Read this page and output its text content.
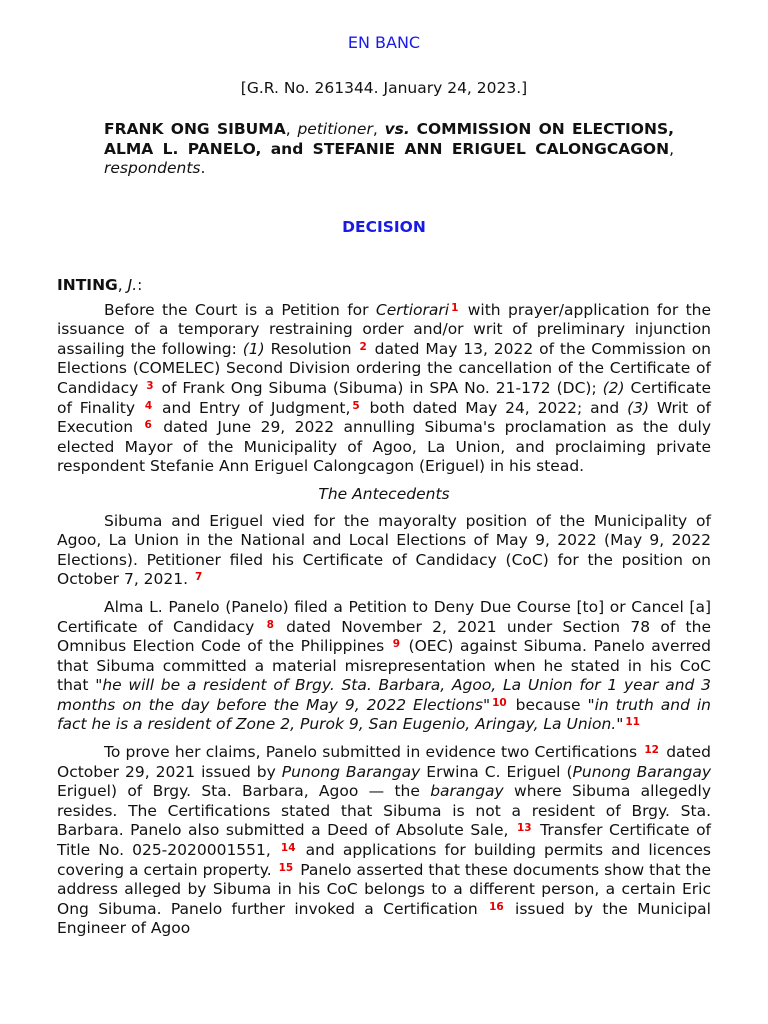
EN BANC
[G.R. No. 261344. January 24, 2023.]
FRANK ONG SIBUMA, petitioner, vs. COMMISSION ON ELECTIONS, ALMA L. PANELO, and STEFANIE ANN ERIGUEL CALONGCAGON, respondents.
DECISION
INTING, J.:

Before the Court is a Petition for Certiorari $^1$ with prayer/application for the issuance of a temporary restraining order and/or writ of preliminary injunction assailing the following: (1) Resolution $^2$ dated May 13, 2022 of the Commission on Elections (COMELEC) Second Division ordering the cancellation of the Certificate of Candidacy $^3$ of Frank Ong Sibuma (Sibuma) in SPA No. 21-172 (DC); (2) Certificate of Finality $^4$ and Entry of Judgment, $^5$ both dated May 24, 2022; and (3) Writ of Execution $^6$ dated June 29, 2022 annulling Sibuma's proclamation as the duly elected Mayor of the Municipality of Agoo, La Union, and proclaiming private respondent Stefanie Ann Eriguel Calongcagon (Eriguel) in his stead.

The Antecedents

Sibuma and Eriguel vied for the mayoralty position of the Municipality of Agoo, La Union in the National and Local Elections of May 9, 2022 (May 9, 2022 Elections). Petitioner filed his Certificate of Candidacy (CoC) for the position on October 7, 2021. $^7$

Alma L. Panelo (Panelo) filed a Petition to Deny Due Course [to] or Cancel [a] Certificate of Candidacy $^8$ dated November 2, 2021 under Section 78 of the Omnibus Election Code of the Philippines $^9$ (OEC) against Sibuma. Panelo averred that Sibuma committed a material misrepresentation when he stated in his CoC that "he will be a resident of Brgy. Sta. Barbara, Agoo, La Union for 1 year and 3 months on the day before the May 9, 2022 Elections" $^{10}$ because "in truth and in fact he is a resident of Zone 2, Purok 9, San Eugenio, Aringay, La Union." $^{11}$

To prove her claims, Panelo submitted in evidence two Certifications $^{12}$ dated October 29, 2021 issued by Punong Barangay Erwina C. Eriguel (Punong Barangay Eriguel) of Brgy. Sta. Barbara, Agoo — the barangay where Sibuma allegedly resides. The Certifications stated that Sibuma is not a resident of Brgy. Sta. Barbara. Panelo also submitted a Deed of Absolute Sale, $^{13}$ Transfer Certificate of Title No. 025-2020001551, $^{14}$ and applications for building permits and licences covering a certain property. $^{15}$ Panelo asserted that these documents show that the address alleged by Sibuma in his CoC belongs to a different person, a certain Eric Ong Sibuma. Panelo further invoked a Certification $^{16}$ issued by the Municipal Engineer of Agoo
